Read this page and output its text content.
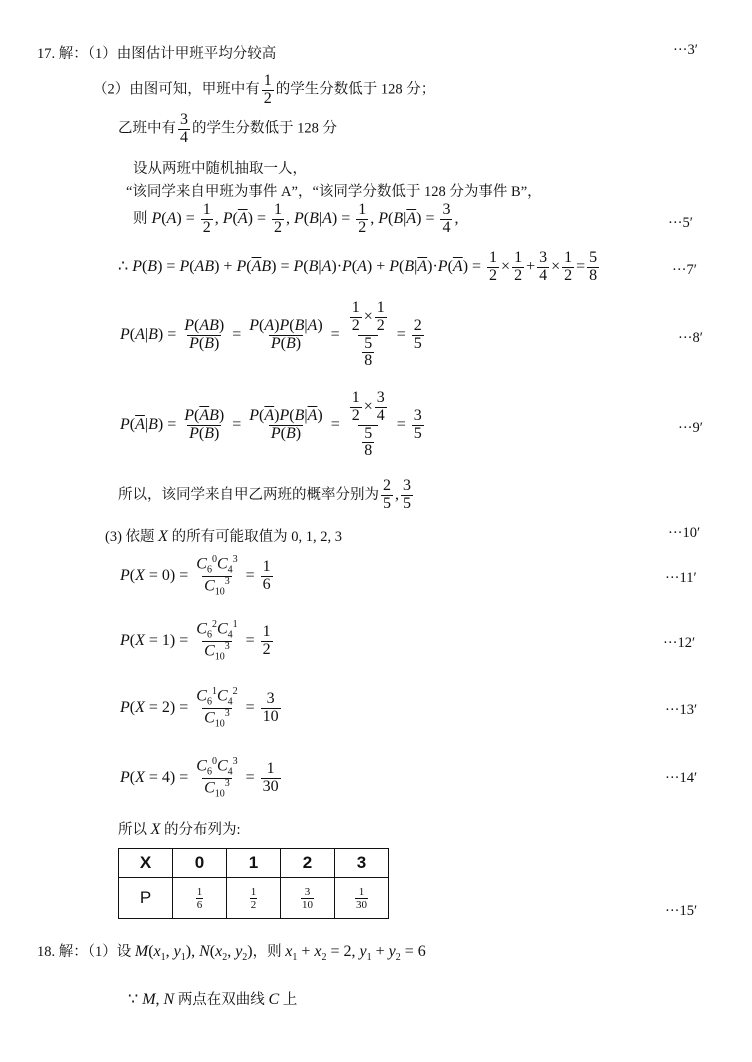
17. 解：（1）由图估计甲班平均分较高	···3′
（2）由图可知，甲班中有 $\frac{1}{2}$ 的学生分数低于 128 分；
乙班中有 $\frac{3}{4}$ 的学生分数低于 128 分
设从两班中随机抽取一人，
“该同学来自甲班为事件 A”，“该同学分数低于 128 分为事件 B”，
则 $P(A) = \frac{1}{2}$ , $P(\overline{A}) = \frac{1}{2}$ , $P(B|A) = \frac{1}{2}$ , $P(B|\overline{A}) = \frac{3}{4}$ ,	···5′
∴ $P(B) = P(AB) + P(\overline{A}B) = P(B|A)\cdot P(A) + P(B|\overline{A})\cdot P(\overline{A}) = \frac{1}{2} \times \frac{1}{2} + \frac{3}{4} \times \frac{1}{2} = \frac{5}{8}$	···7′
$P(A|B) = \frac{P(AB)}{P(B)} = \frac{P(A)P(B|A)}{P(B)} = \frac{\frac{1}{2} \times \frac{1}{2}}{\frac{5}{8}} = \frac{2}{5}$	···8′
$P(\overline{A}|B) = \frac{P(\overline{A}B)}{P(B)} = \frac{P(\overline{A})P(B|\overline{A})}{P(B)} = \frac{\frac{1}{2} \times \frac{3}{4}}{\frac{5}{8}} = \frac{3}{5}$	···9′
所以，该同学来自甲乙两班的概率分别为 $\frac{2}{5}$ , $\frac{3}{5}$
(3) 依题 X 的所有可能取值为 0, 1, 2, 3	···10′
$P(X = 0) = \frac{C_6^0C_4^3}{C_{10}^3} = \frac{1}{6}$	···11′
$P(X = 1) = \frac{C_6^2C_4^1}{C_{10}^3} = \frac{1}{2}$	···12′
$P(X = 2) = \frac{C_6^1C_4^2}{C_{10}^3} = \frac{3}{10}$	···13′
$P(X = 4) = \frac{C_6^0C_4^3}{C_{10}^3} = \frac{1}{30}$	···14′
所以 X 的分布列为:
X	0	1	2	3
P	$\frac{1}{6}$	$\frac{1}{2}$	$\frac{3}{10}$	$\frac{1}{30}$
···15′
18. 解：（1）设 $M(x_1$, $y_1$), $N(x_2$, $y_2$)，则 $x_1 + x_2 = 2$, $y_1 + y_2 = 6$
∵ M, N 两点在双曲线 C 上
